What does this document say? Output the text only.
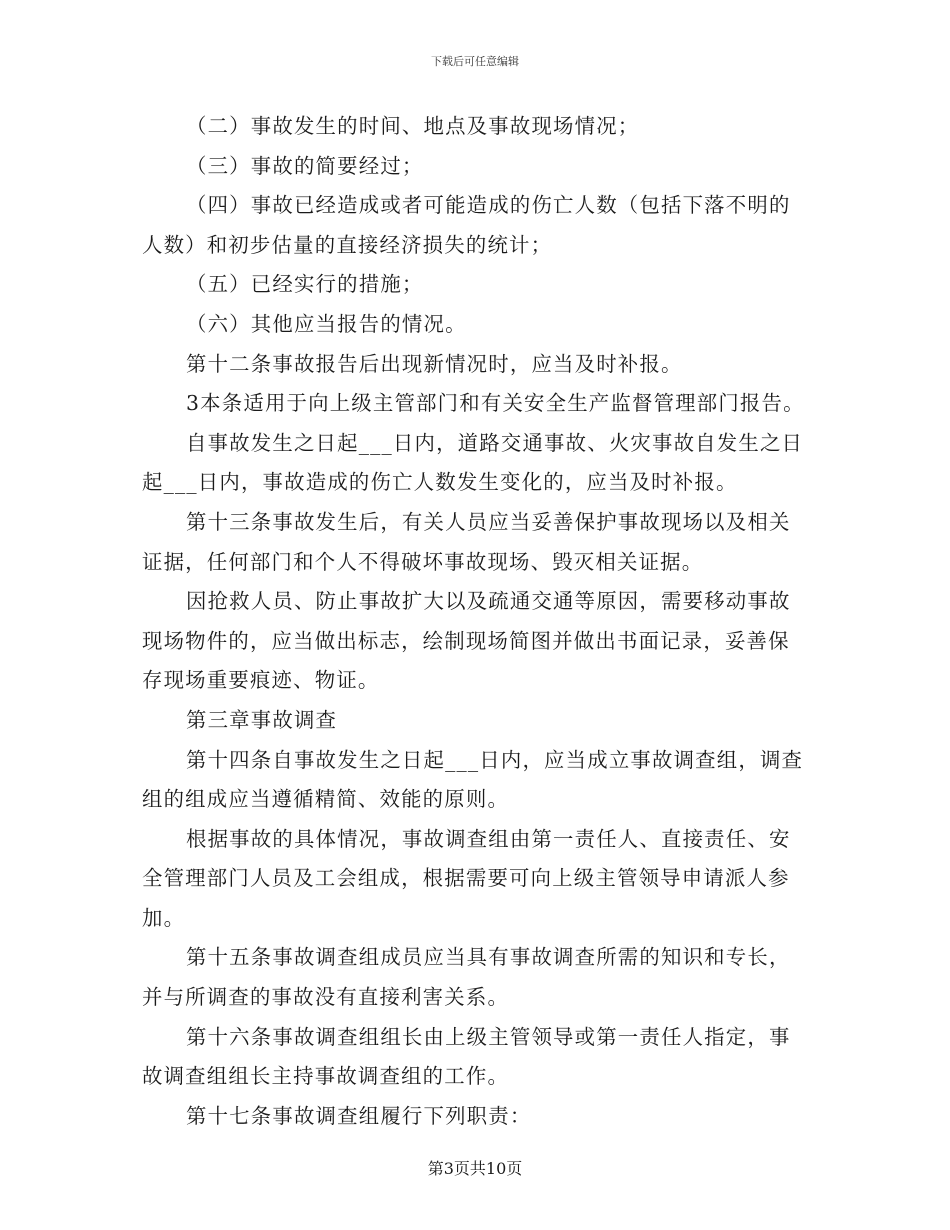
下载后可任意编辑
（二）事故发生的时间、地点及事故现场情况；
（三）事故的简要经过；
（四）事故已经造成或者可能造成的伤亡人数（包括下落不明的
人数）和初步估量的直接经济损失的统计；
（五）已经实行的措施；
（六）其他应当报告的情况。
第十二条事故报告后出现新情况时，应当及时补报。
3本条适用于向上级主管部门和有关安全生产监督管理部门报告。
自事故发生之日起___日内，道路交通事故、火灾事故自发生之日
起___日内，事故造成的伤亡人数发生变化的，应当及时补报。
第十三条事故发生后，有关人员应当妥善保护事故现场以及相关
证据，任何部门和个人不得破坏事故现场、毁灭相关证据。
因抢救人员、防止事故扩大以及疏通交通等原因，需要移动事故
现场物件的，应当做出标志，绘制现场简图并做出书面记录，妥善保
存现场重要痕迹、物证。
第三章事故调查
第十四条自事故发生之日起___日内，应当成立事故调查组，调查
组的组成应当遵循精简、效能的原则。
根据事故的具体情况，事故调查组由第一责任人、直接责任、安
全管理部门人员及工会组成，根据需要可向上级主管领导申请派人参
加。
第十五条事故调查组成员应当具有事故调查所需的知识和专长，
并与所调查的事故没有直接利害关系。
第十六条事故调查组组长由上级主管领导或第一责任人指定，事
故调查组组长主持事故调查组的工作。
第十七条事故调查组履行下列职责：
第3页共10页
